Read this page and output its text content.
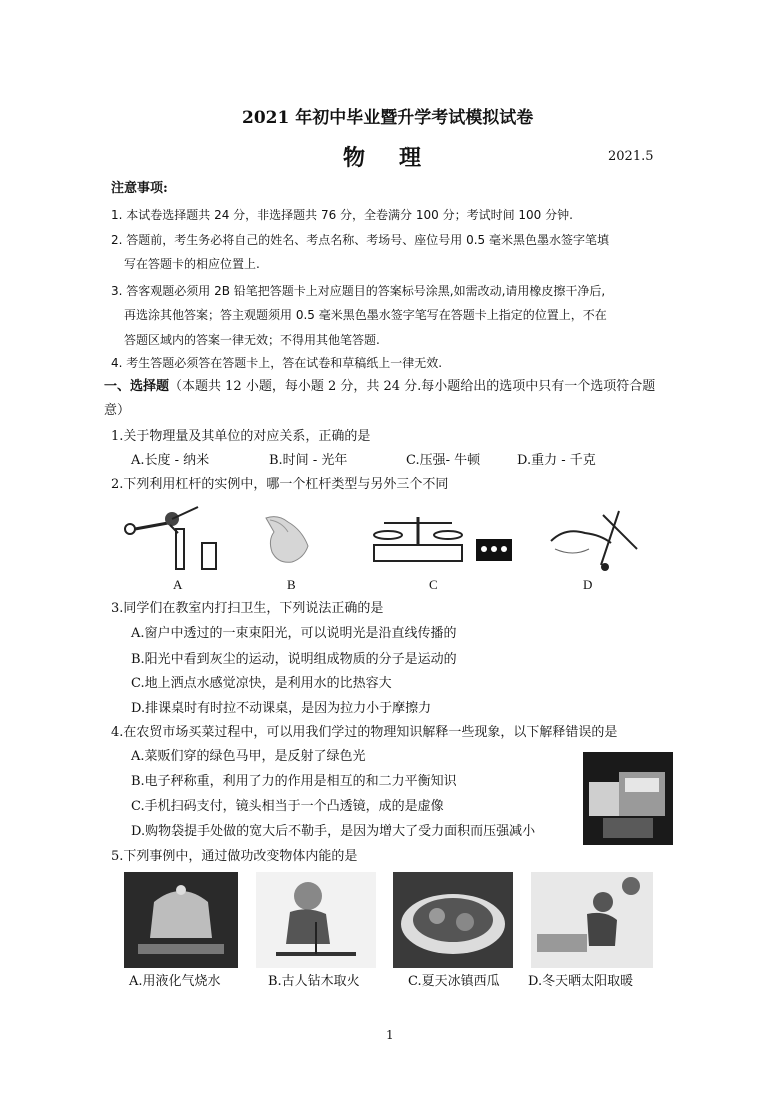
2021 年初中毕业暨升学考试模拟试卷
物理	2021.5
注意事项:
1. 本试卷选择题共 24 分，非选择题共 76 分，全卷满分 100 分；考试时间 100 分钟.
2. 答题前，考生务必将自己的姓名、考点名称、考场号、座位号用 0.5 毫米黑色墨水签字笔填
写在答题卡的相应位置上.
3. 答客观题必须用 2B 铅笔把答题卡上对应题目的答案标号涂黑,如需改动,请用橡皮擦干净后,
再选涂其他答案；答主观题须用 0.5 毫米黑色墨水签字笔写在答题卡上指定的位置上，不在
答题区域内的答案一律无效；不得用其他笔答题.
4. 考生答题必须答在答题卡上，答在试卷和草稿纸上一律无效.
一、选择题（本题共 12 小题，每小题 2 分，共 24 分.每小题给出的选项中只有一个选项符合题
意）
1.关于物理量及其单位的对应关系，正确的是
A.长度 - 纳米	B.时间 - 光年	C.压强- 牛顿	D.重力 - 千克
2.下列利用杠杆的实例中，哪一个杠杆类型与另外三个不同
A	B	C	D
3.同学们在教室内打扫卫生，下列说法正确的是
A.窗户中透过的一束束阳光，可以说明光是沿直线传播的
B.阳光中看到灰尘的运动，说明组成物质的分子是运动的
C.地上洒点水感觉凉快，是利用水的比热容大
D.排课桌时有时拉不动课桌，是因为拉力小于摩擦力
4.在农贸市场买菜过程中，可以用我们学过的物理知识解释一些现象，以下解释错误的是
A.菜贩们穿的绿色马甲，是反射了绿色光
B.电子秤称重，利用了力的作用是相互的和二力平衡知识
C.手机扫码支付，镜头相当于一个凸透镜，成的是虚像
D.购物袋提手处做的宽大后不勒手，是因为增大了受力面积而压强减小
5.下列事例中，通过做功改变物体内能的是
A.用液化气烧水	B.古人钻木取火	C.夏天冰镇西瓜 D.冬天晒太阳取暖
1
